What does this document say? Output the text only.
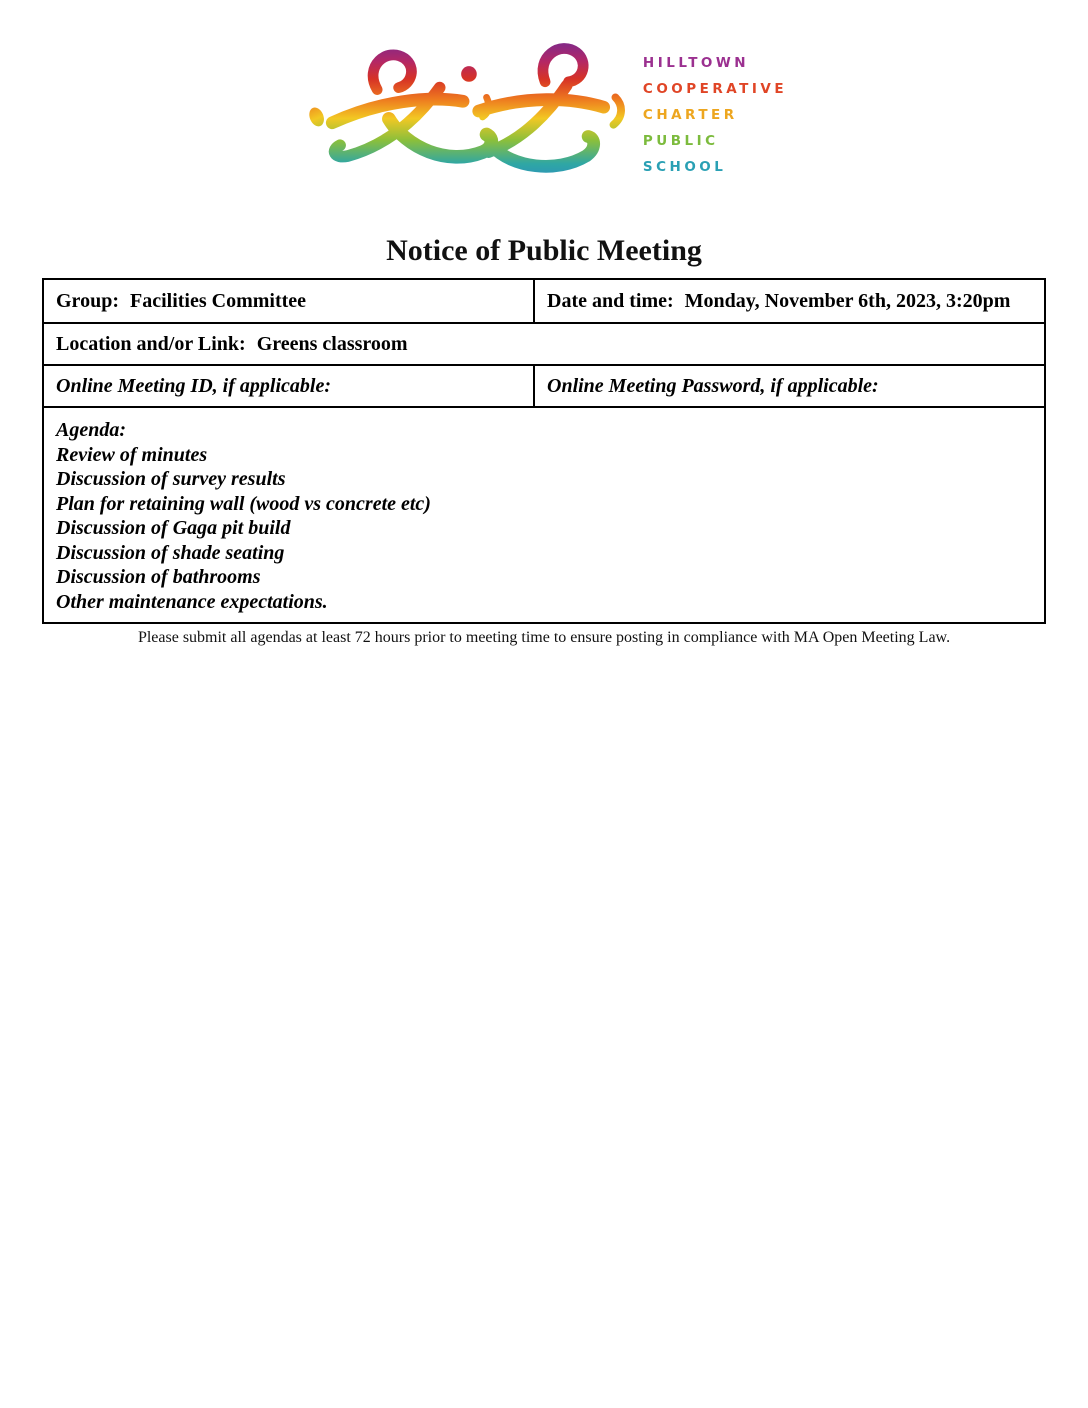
HILLTOWN
COOPERATIVE
CHARTER
PUBLIC
SCHOOL
Notice of Public Meeting
Group: Facilities Committee	Date and time: Monday, November 6th, 2023, 3:20pm
Location and/or Link: Greens classroom
Online Meeting ID, if applicable:	Online Meeting Password, if applicable:
Agenda:
Review of minutes
Discussion of survey results
Plan for retaining wall (wood vs concrete etc)
Discussion of Gaga pit build
Discussion of shade seating
Discussion of bathrooms
Other maintenance expectations.

Please submit all agendas at least 72 hours prior to meeting time to ensure posting in compliance with MA Open Meeting Law.
